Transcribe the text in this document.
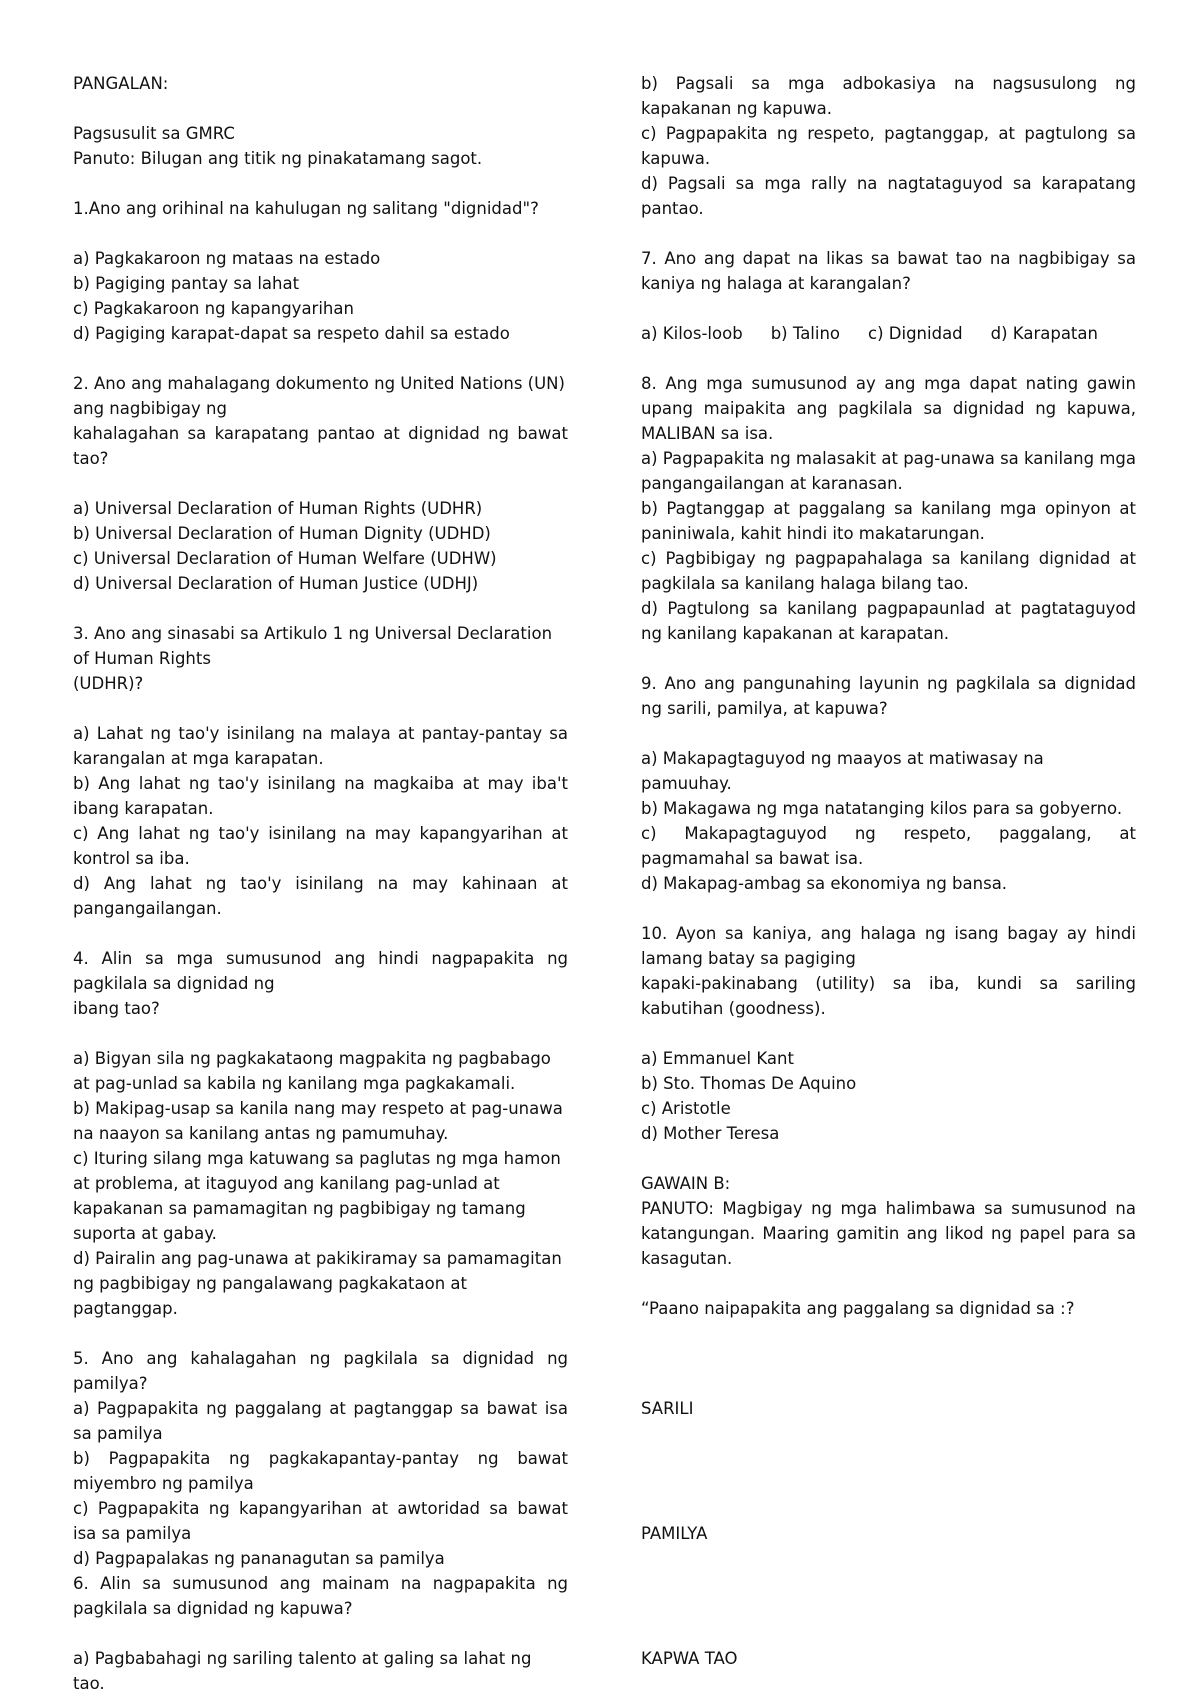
PANGALAN:

Pagsusulit sa GMRC

Panuto: Bilugan ang titik ng pinakatamang sagot.

1.Ano ang orihinal na kahulugan ng salitang "dignidad"?

a) Pagkakaroon ng mataas na estado

b) Pagiging pantay sa lahat

c) Pagkakaroon ng kapangyarihan

d) Pagiging karapat-dapat sa respeto dahil sa estado

2. Ano ang mahalagang dokumento ng United Nations (UN) ang nagbibigay ng

kahalagahan sa karapatang pantao at dignidad ng bawat tao?

a) Universal Declaration of Human Rights (UDHR)

b) Universal Declaration of Human Dignity (UDHD)

c) Universal Declaration of Human Welfare (UDHW)

d) Universal Declaration of Human Justice (UDHJ)

3. Ano ang sinasabi sa Artikulo 1 ng Universal Declaration of Human Rights

(UDHR)?

a) Lahat ng tao'y isinilang na malaya at pantay-pantay sa karangalan at mga karapatan.

b) Ang lahat ng tao'y isinilang na magkaiba at may iba't ibang karapatan.

c) Ang lahat ng tao'y isinilang na may kapangyarihan at kontrol sa iba.

d) Ang lahat ng tao'y isinilang na may kahinaan at pangangailangan.

4. Alin sa mga sumusunod ang hindi nagpapakita ng pagkilala sa dignidad ng

ibang tao?

a) Bigyan sila ng pagkakataong magpakita ng pagbabago at pag-unlad sa kabila ng kanilang mga pagkakamali.

b) Makipag-usap sa kanila nang may respeto at pag-unawa na naayon sa kanilang antas ng pamumuhay.

c) Ituring silang mga katuwang sa paglutas ng mga hamon at problema, at itaguyod ang kanilang pag-unlad at kapakanan sa pamamagitan ng pagbibigay ng tamang suporta at gabay.

d) Pairalin ang pag-unawa at pakikiramay sa pamamagitan ng pagbibigay ng pangalawang pagkakataon at pagtanggap.

5. Ano ang kahalagahan ng pagkilala sa dignidad ng pamilya?

a) Pagpapakita ng paggalang at pagtanggap sa bawat isa sa pamilya

b) Pagpapakita ng pagkakapantay-pantay ng bawat miyembro ng pamilya

c) Pagpapakita ng kapangyarihan at awtoridad sa bawat isa sa pamilya

d) Pagpapalakas ng pananagutan sa pamilya

6. Alin sa sumusunod ang mainam na nagpapakita ng pagkilala sa dignidad ng kapuwa?

a) Pagbabahagi ng sariling talento at galing sa lahat ng tao.

b) Pagsali sa mga adbokasiya na nagsusulong ng kapakanan ng kapuwa.

c) Pagpapakita ng respeto, pagtanggap, at pagtulong sa kapuwa.

d) Pagsali sa mga rally na nagtataguyod sa karapatang pantao.

7. Ano ang dapat na likas sa bawat tao na nagbibigay sa kaniya ng halaga at karangalan?

a) Kilos-loob b) Talino c) Dignidad d) Karapatan

8. Ang mga sumusunod ay ang mga dapat nating gawin upang maipakita ang pagkilala sa dignidad ng kapuwa, MALIBAN sa isa.

a) Pagpapakita ng malasakit at pag-unawa sa kanilang mga pangangailangan at karanasan.

b) Pagtanggap at paggalang sa kanilang mga opinyon at paniniwala, kahit hindi ito makatarungan.

c) Pagbibigay ng pagpapahalaga sa kanilang dignidad at pagkilala sa kanilang halaga bilang tao.

d) Pagtulong sa kanilang pagpapaunlad at pagtataguyod ng kanilang kapakanan at karapatan.

9. Ano ang pangunahing layunin ng pagkilala sa dignidad ng sarili, pamilya, at kapuwa?

a) Makapagtaguyod ng maayos at matiwasay na pamuuhay.

b) Makagawa ng mga natatanging kilos para sa gobyerno.

c) Makapagtaguyod ng respeto, paggalang, at pagmamahal sa bawat isa.

d) Makapag-ambag sa ekonomiya ng bansa.

10. Ayon sa kaniya, ang halaga ng isang bagay ay hindi lamang batay sa pagiging

kapaki-pakinabang (utility) sa iba, kundi sa sariling kabutihan (goodness).

a) Emmanuel Kant

b) Sto. Thomas De Aquino

c) Aristotle

d) Mother Teresa

GAWAIN B:

PANUTO: Magbigay ng mga halimbawa sa sumusunod na katangungan. Maaring gamitin ang likod ng papel para sa kasagutan.

“Paano naipapakita ang paggalang sa dignidad sa :?

SARILI

PAMILYA

KAPWA TAO
